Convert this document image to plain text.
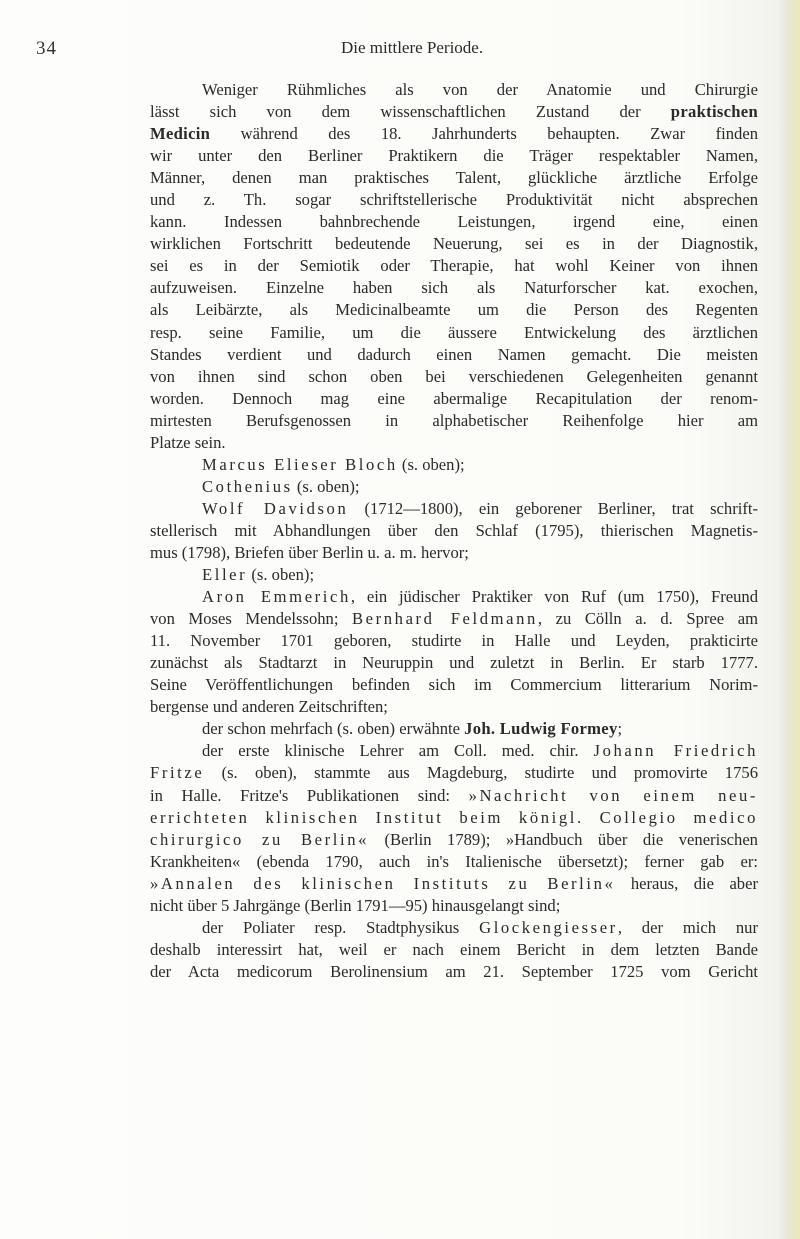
34	Die mittlere Periode.
Weniger Rühmliches als von der Anatomie und Chirurgie
lässt sich von dem wissenschaftlichen Zustand der praktischen
Medicin während des 18. Jahrhunderts behaupten. Zwar finden
wir unter den Berliner Praktikern die Träger respektabler Namen,
Männer, denen man praktisches Talent, glückliche ärztliche Erfolge
und z. Th. sogar schriftstellerische Produktivität nicht absprechen
kann. Indessen bahnbrechende Leistungen, irgend eine, einen
wirklichen Fortschritt bedeutende Neuerung, sei es in der Diagnostik,
sei es in der Semiotik oder Therapie, hat wohl Keiner von ihnen
aufzuweisen. Einzelne haben sich als Naturforscher kat. exochen,
als Leibärzte, als Medicinalbeamte um die Person des Regenten
resp. seine Familie, um die äussere Entwickelung des ärztlichen
Standes verdient und dadurch einen Namen gemacht. Die meisten
von ihnen sind schon oben bei verschiedenen Gelegenheiten genannt
worden. Dennoch mag eine abermalige Recapitulation der renom-
mirtesten Berufsgenossen in alphabetischer Reihenfolge hier am
Platze sein.
Marcus Elieser Bloch (s. oben);
Cothenius (s. oben);
Wolf Davidson (1712—1800), ein geborener Berliner, trat schrift-
stellerisch mit Abhandlungen über den Schlaf (1795), thierischen Magnetis-
mus (1798), Briefen über Berlin u. a. m. hervor;
Eller (s. oben);
Aron Emmerich, ein jüdischer Praktiker von Ruf (um 1750), Freund
von Moses Mendelssohn; Bernhard Feldmann, zu Cölln a. d. Spree am
11. November 1701 geboren, studirte in Halle und Leyden, prakticirte
zunächst als Stadtarzt in Neuruppin und zuletzt in Berlin. Er starb 1777.
Seine Veröffentlichungen befinden sich im Commercium litterarium Norim-
bergense und anderen Zeitschriften;
der schon mehrfach (s. oben) erwähnte Joh. Ludwig Formey;
der erste klinische Lehrer am Coll. med. chir. Johann Friedrich
Fritze (s. oben), stammte aus Magdeburg, studirte und promovirte 1756
in Halle. Fritze's Publikationen sind: »Nachricht von einem neu-
errichteten klinischen Institut beim königl. Collegio medico
chirurgico zu Berlin« (Berlin 1789); »Handbuch über die venerischen
Krankheiten« (ebenda 1790, auch in's Italienische übersetzt); ferner gab er:
»Annalen des klinischen Instituts zu Berlin« heraus, die aber
nicht über 5 Jahrgänge (Berlin 1791—95) hinausgelangt sind;
der Poliater resp. Stadtphysikus Glockengiesser, der mich nur
deshalb interessirt hat, weil er nach einem Bericht in dem letzten Bande
der Acta medicorum Berolinensium am 21. September 1725 vom Gericht
